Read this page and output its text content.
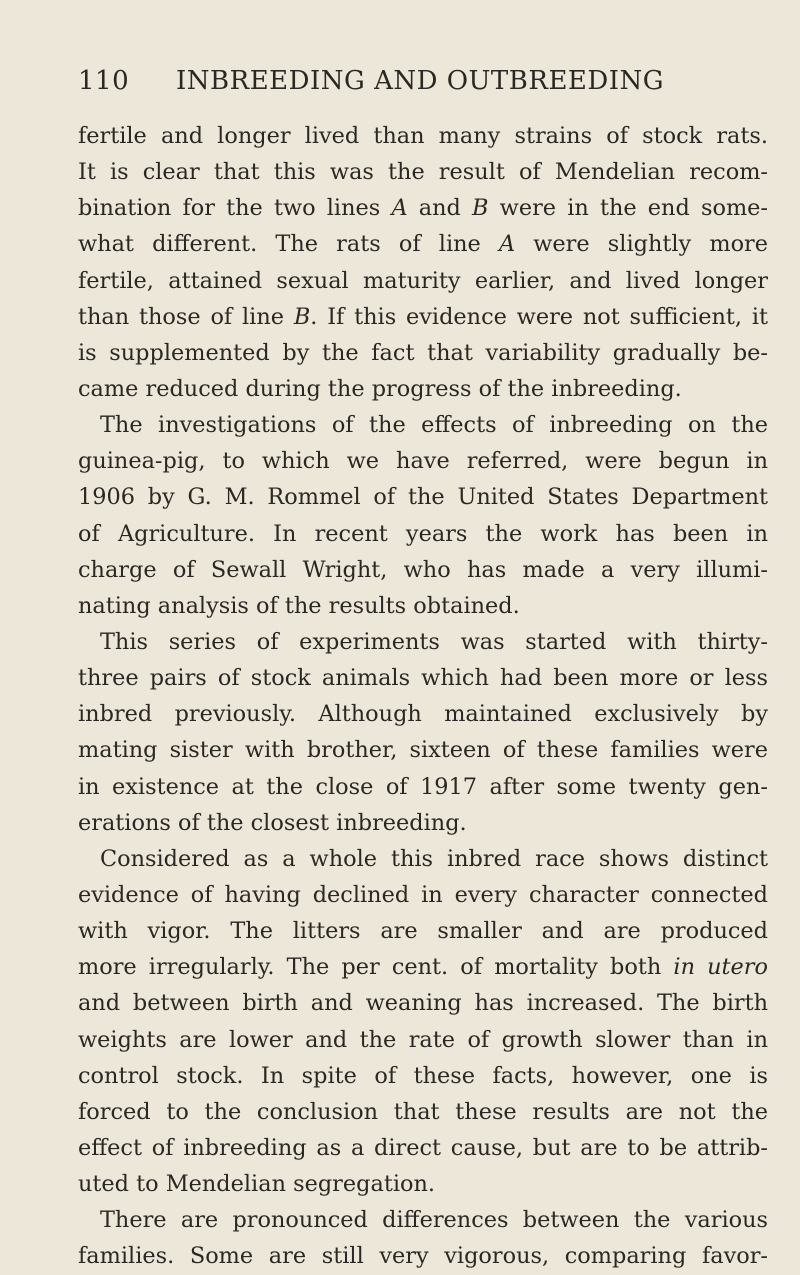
110 INBREEDING AND OUTBREEDING
fertile and longer lived than many strains of stock rats.
It is clear that this was the result of Mendelian recom-
bination for the two lines A and B were in the end some-
what different. The rats of line A were slightly more
fertile, attained sexual maturity earlier, and lived longer
than those of line B. If this evidence were not sufficient, it
is supplemented by the fact that variability gradually be-
came reduced during the progress of the inbreeding.
The investigations of the effects of inbreeding on the
guinea-pig, to which we have referred, were begun in
1906 by G. M. Rommel of the United States Department
of Agriculture. In recent years the work has been in
charge of Sewall Wright, who has made a very illumi-
nating analysis of the results obtained.
This series of experiments was started with thirty-
three pairs of stock animals which had been more or less
inbred previously. Although maintained exclusively by
mating sister with brother, sixteen of these families were
in existence at the close of 1917 after some twenty gen-
erations of the closest inbreeding.
Considered as a whole this inbred race shows distinct
evidence of having declined in every character connected
with vigor. The litters are smaller and are produced
more irregularly. The per cent. of mortality both in utero
and between birth and weaning has increased. The birth
weights are lower and the rate of growth slower than in
control stock. In spite of these facts, however, one is
forced to the conclusion that these results are not the
effect of inbreeding as a direct cause, but are to be attrib-
uted to Mendelian segregation.
There are pronounced differences between the various
families. Some are still very vigorous, comparing favor-
